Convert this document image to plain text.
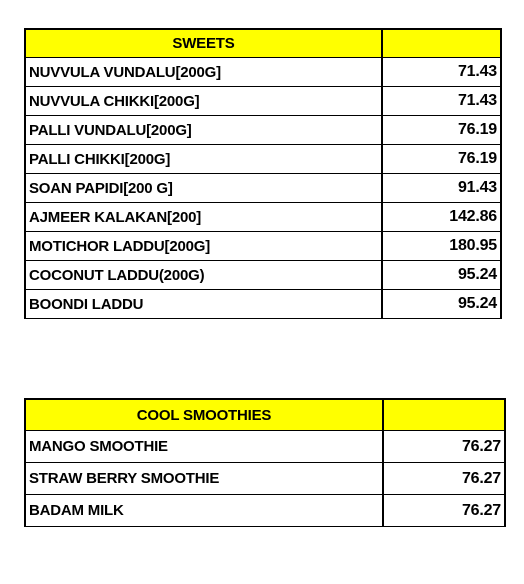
SWEETS	
NUVVULA VUNDALU[200G]	71.43
NUVVULA CHIKKI[200G]	71.43
PALLI VUNDALU[200G]	76.19
PALLI CHIKKI[200G]	76.19
SOAN PAPIDI[200 G]	91.43
AJMEER KALAKAN[200]	142.86
MOTICHOR LADDU[200G]	180.95
COCONUT LADDU(200G)	95.24
BOONDI LADDU	95.24
COOL SMOOTHIES	
MANGO SMOOTHIE	76.27
STRAW BERRY SMOOTHIE	76.27
BADAM MILK	76.27
